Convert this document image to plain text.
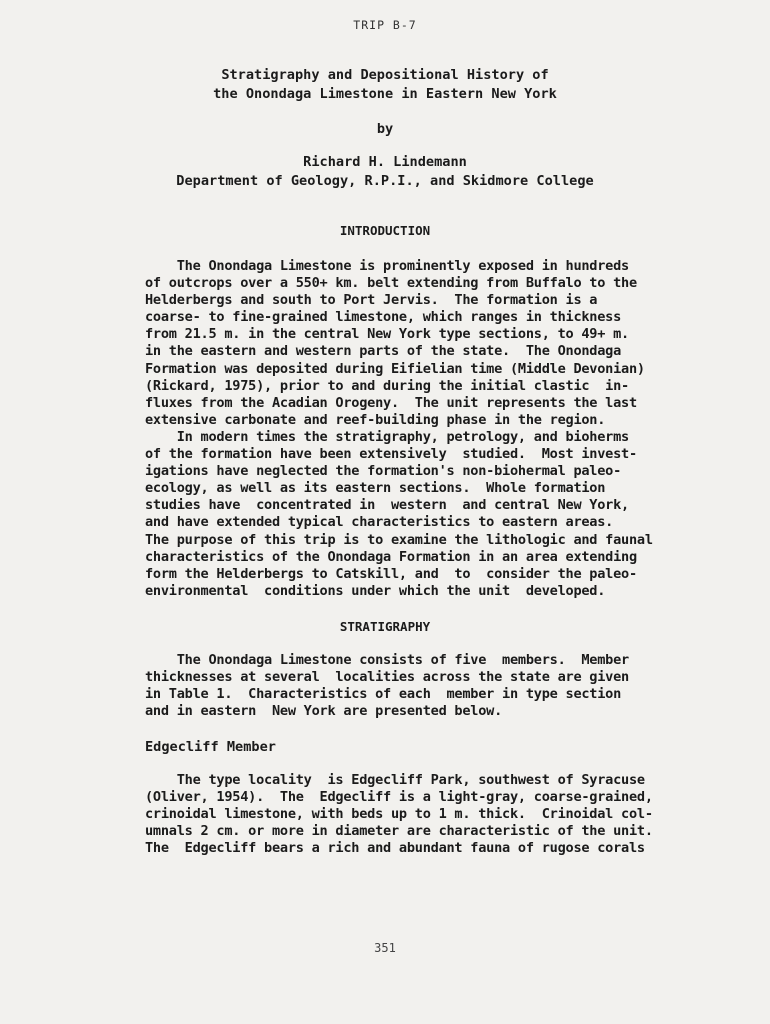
TRIP B-7
Stratigraphy and Depositional History of
the Onondaga Limestone in Eastern New York
by
Richard H. Lindemann
Department of Geology, R.P.I., and Skidmore College
INTRODUCTION
The Onondaga Limestone is prominently exposed in hundreds
of outcrops over a 550+ km. belt extending from Buffalo to the
Helderbergs and south to Port Jervis.  The formation is a
coarse- to fine-grained limestone, which ranges in thickness
from 21.5 m. in the central New York type sections, to 49+ m.
in the eastern and western parts of the state.  The Onondaga
Formation was deposited during Eifielian time (Middle Devonian)
(Rickard, 1975), prior to and during the initial clastic  in-
fluxes from the Acadian Orogeny.  The unit represents the last
extensive carbonate and reef-building phase in the region.
In modern times the stratigraphy, petrology, and bioherms
of the formation have been extensively  studied.  Most invest-
igations have neglected the formation's non-biohermal paleo-
ecology, as well as its eastern sections.  Whole formation
studies have  concentrated in  western  and central New York,
and have extended typical characteristics to eastern areas.
The purpose of this trip is to examine the lithologic and faunal
characteristics of the Onondaga Formation in an area extending
form the Helderbergs to Catskill, and  to  consider the paleo-
environmental  conditions under which the unit  developed.
STRATIGRAPHY
The Onondaga Limestone consists of five  members.  Member
thicknesses at several  localities across the state are given
in Table 1.  Characteristics of each  member in type section
and in eastern  New York are presented below.
Edgecliff Member
The type locality  is Edgecliff Park, southwest of Syracuse
(Oliver, 1954).  The  Edgecliff is a light-gray, coarse-grained,
crinoidal limestone, with beds up to 1 m. thick.  Crinoidal col-
umnals 2 cm. or more in diameter are characteristic of the unit.
The  Edgecliff bears a rich and abundant fauna of rugose corals
351
